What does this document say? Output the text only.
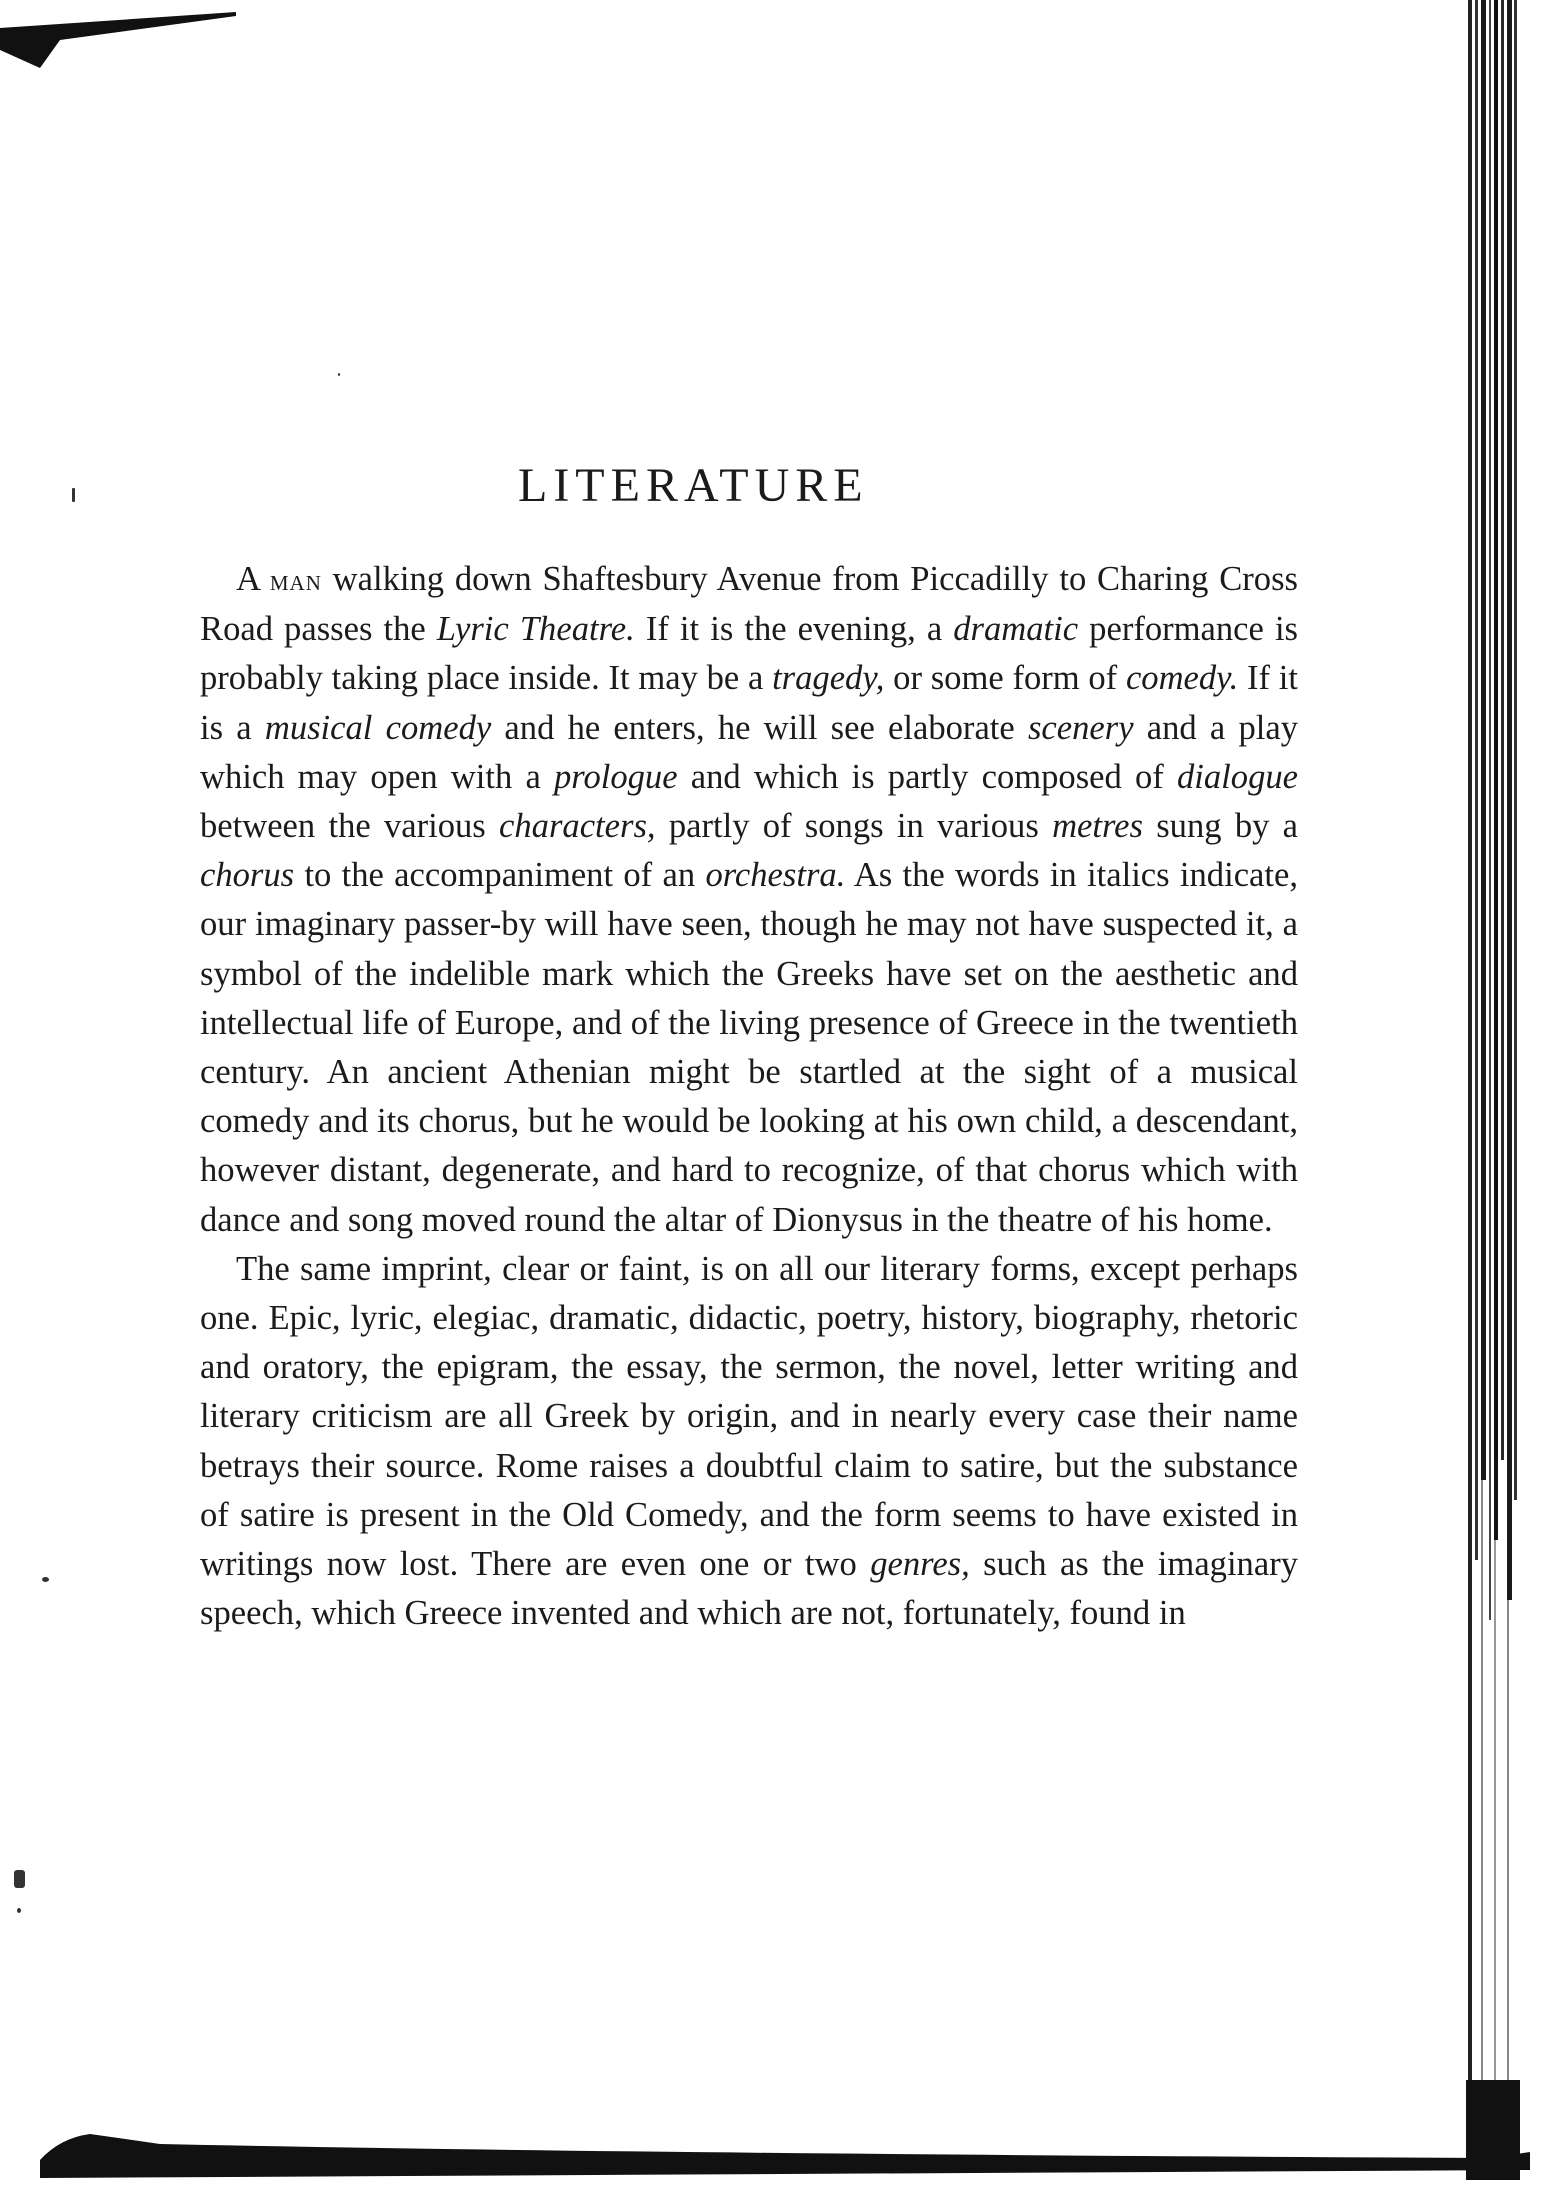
LITERATURE

A man walking down Shaftesbury Avenue from Piccadilly to Charing Cross Road passes the Lyric Theatre. If it is the evening, a dramatic performance is probably taking place inside. It may be a tragedy, or some form of comedy. If it is a musical comedy and he enters, he will see elaborate scenery and a play which may open with a prologue and which is partly composed of dialogue between the various characters, partly of songs in various metres sung by a chorus to the accompaniment of an orchestra. As the words in italics indicate, our imaginary passer-by will have seen, though he may not have suspected it, a symbol of the indelible mark which the Greeks have set on the aesthetic and intellectual life of Europe, and of the living presence of Greece in the twentieth century. An ancient Athenian might be startled at the sight of a musical comedy and its chorus, but he would be looking at his own child, a descendant, however distant, degenerate, and hard to recognize, of that chorus which with dance and song moved round the altar of Dionysus in the theatre of his home.

The same imprint, clear or faint, is on all our literary forms, except perhaps one. Epic, lyric, elegiac, dramatic, didactic, poetry, history, biography, rhetoric and oratory, the epigram, the essay, the sermon, the novel, letter writing and literary criticism are all Greek by origin, and in nearly every case their name betrays their source. Rome raises a doubtful claim to satire, but the substance of satire is present in the Old Comedy, and the form seems to have existed in writings now lost. There are even one or two genres, such as the imaginary speech, which Greece invented and which are not, fortunately, found in
